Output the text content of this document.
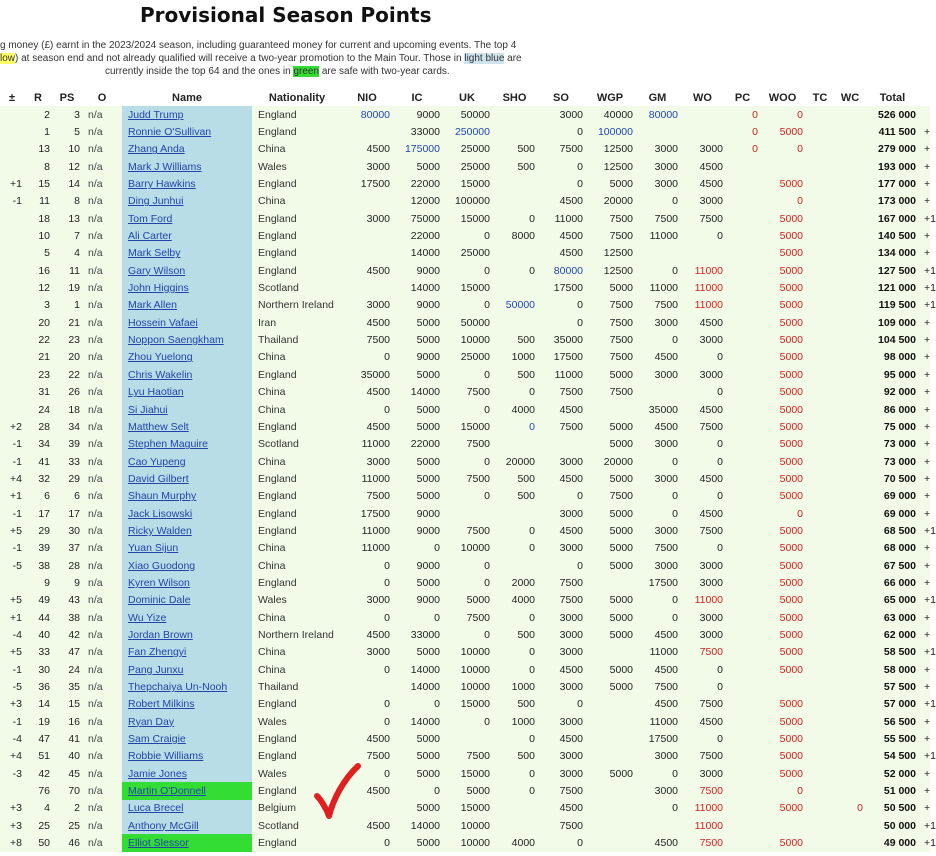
Provisional Season Points
g money (£) earnt in the 2023/2024 season, including guaranteed money for current and upcoming events. The top 4
low) at season end and not already qualified will receive a two-year promotion to the Main Tour. Those in light blue are
currently inside the top 64 and the ones in green are safe with two-year cards.
±	R	PS	O	Name	Nationality	NIO	IC	UK	SHO	SO	WGP	GM	WO	PC	WOO	TC	WC	Total	
	2	3	n/a	Judd Trump	England	80000	9000	50000		3000	40000	80000		0	0			526 000	
	1	5	n/a	Ronnie O'Sullivan	England		33000	250000		0	100000			0	5000			411 500	+
	13	10	n/a	Zhang Anda	China	4500	175000	25000	500	7500	12500	3000	3000	0	0			279 000	+
	8	12	n/a	Mark J Williams	Wales	3000	5000	25000	500	0	12500	3000	4500					193 000	+
+1	15	14	n/a	Barry Hawkins	England	17500	22000	15000		0	5000	3000	4500		5000			177 000	+
-1	11	8	n/a	Ding Junhui	China		12000	100000		4500	20000	0	3000		0			173 000	+
	18	13	n/a	Tom Ford	England	3000	75000	15000	0	11000	7500	7500	7500		5000			167 000	+1
	10	7	n/a	Ali Carter	England		22000	0	8000	4500	7500	11000	0		5000			140 500	+
	5	4	n/a	Mark Selby	England		14000	25000		4500	12500				5000			134 000	+
	16	11	n/a	Gary Wilson	England	4500	9000	0	0	80000	12500	0	11000		5000			127 500	+1
	12	19	n/a	John Higgins	Scotland		14000	15000		17500	5000	11000	11000		5000			121 000	+1
	3	1	n/a	Mark Allen	Northern Ireland	3000	9000	0	50000	0	7500	7500	11000		5000			119 500	+1
	20	21	n/a	Hossein Vafaei	Iran	4500	5000	50000		0	7500	3000	4500		5000			109 000	+
	22	23	n/a	Noppon Saengkham	Thailand	7500	5000	10000	500	35000	7500	0	3000		5000			104 500	+
	21	20	n/a	Zhou Yuelong	China	0	9000	25000	1000	17500	7500	4500	0		5000			98 000	+
	23	22	n/a	Chris Wakelin	England	35000	5000	0	500	11000	5000	3000	3000		5000			95 000	+
	31	26	n/a	Lyu Haotian	China	4500	14000	7500	0	7500	7500		0		5000			92 000	+
	24	18	n/a	Si Jiahui	China	0	5000	0	4000	4500		35000	4500		5000			86 000	+
+2	28	34	n/a	Matthew Selt	England	4500	5000	15000	0	7500	5000	4500	7500		5000			75 000	+
-1	34	39	n/a	Stephen Maguire	Scotland	11000	22000	7500			5000	3000	0		5000			73 000	+
-1	41	33	n/a	Cao Yupeng	China	3000	5000	0	20000	3000	20000	0	0		5000			73 000	+
+4	32	29	n/a	David Gilbert	England	11000	5000	7500	500	4500	5000	3000	4500		5000			70 500	+
+1	6	6	n/a	Shaun Murphy	England	7500	5000	0	500	0	7500	0	0		5000			69 000	+
-1	17	17	n/a	Jack Lisowski	England	17500	9000			3000	5000	0	4500		0			69 000	+
+5	29	30	n/a	Ricky Walden	England	11000	9000	7500	0	4500	5000	3000	7500		5000			68 500	+1
-1	39	37	n/a	Yuan Sijun	China	11000	0	10000	0	3000	5000	7500	0		5000			68 000	+
-5	38	28	n/a	Xiao Guodong	China	0	9000	0		0	5000	3000	3000		5000			67 500	+
	9	9	n/a	Kyren Wilson	England	0	5000	0	2000	7500		17500	3000		5000			66 000	+
+5	49	43	n/a	Dominic Dale	Wales	3000	9000	5000	4000	7500	5000	0	11000		5000			65 000	+1
+1	44	38	n/a	Wu Yize	China	0	0	7500	0	3000	5000	0	3000		5000			63 000	+
-4	40	42	n/a	Jordan Brown	Northern Ireland	4500	33000	0	500	3000	5000	4500	3000		5000			62 000	+
+5	33	47	n/a	Fan Zhengyi	China	3000	5000	10000	0	3000		11000	7500		5000			58 500	+1
-1	30	24	n/a	Pang Junxu	China	0	14000	10000	0	4500	5000	4500	0		5000			58 000	+
-5	36	35	n/a	Thepchaiya Un-Nooh	Thailand		14000	10000	1000	3000	5000	7500	0					57 500	+
+3	14	15	n/a	Robert Milkins	England	0	0	15000	500	0		4500	7500		5000			57 000	+1
-1	19	16	n/a	Ryan Day	Wales	0	14000	0	1000	3000		11000	4500		5000			56 500	+
-4	47	41	n/a	Sam Craigie	England	4500	5000		0	4500		17500	0		5000			55 500	+
+4	51	40	n/a	Robbie Williams	England	7500	5000	7500	500	3000		3000	7500		5000			54 500	+1
-3	42	45	n/a	Jamie Jones	Wales	0	5000	15000	0	3000	5000	0	3000		5000			52 000	+
	76	70	n/a	Martin O'Donnell	England	4500	0	5000	0	7500		3000	7500		0			51 000	+
+3	4	2	n/a	Luca Brecel	Belgium		5000	15000		4500		0	11000		5000		0	50 500	+
+3	25	25	n/a	Anthony McGill	Scotland	4500	14000	10000		7500			11000					50 000	+1
+8	50	46	n/a	Elliot Slessor	England	0	5000	10000	4000	0		4500	7500		5000			49 000	+1
